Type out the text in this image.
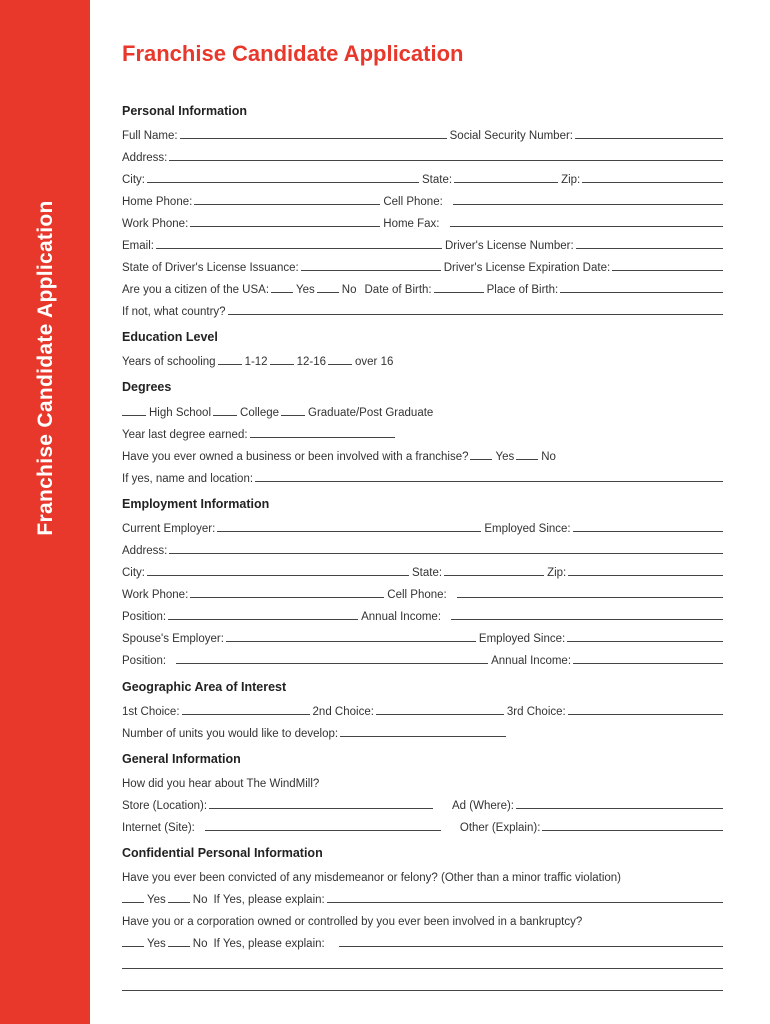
Franchise Candidate Application
Franchise Candidate Application
Personal Information
Full Name:	Social Security Number:
Address:
City:	State:	Zip:
Home Phone:	Cell Phone:
Work Phone:	Home Fax:
Email:	Driver's License Number:
State of Driver's License Issuance:	Driver's License Expiration Date:
Are you a citizen of the USA: Yes No Date of Birth:	Place of Birth:
If not, what country?
Education Level
Years of schooling	1-12	12-16	over 16
Degrees
High School	College	Graduate/Post Graduate
Year last degree earned:
Have you ever owned a business or been involved with a franchise? Yes No
If yes, name and location:
Employment Information
Current Employer:	Employed Since:
Address:
City:	State:	Zip:
Work Phone:	Cell Phone:
Position:	Annual Income:
Spouse's Employer:	Employed Since:
Position:	Annual Income:
Geographic Area of Interest
1st Choice:	2nd Choice:	3rd Choice:
Number of units you would like to develop:
General Information
How did you hear about The WindMill?
Store (Location):	Ad (Where):
Internet (Site):	Other (Explain):
Confidential Personal Information
Have you ever been convicted of any misdemeanor or felony? (Other than a minor traffic violation)
Yes No If Yes, please explain:
Have you or a corporation owned or controlled by you ever been involved in a bankruptcy?
Yes No If Yes, please explain:
